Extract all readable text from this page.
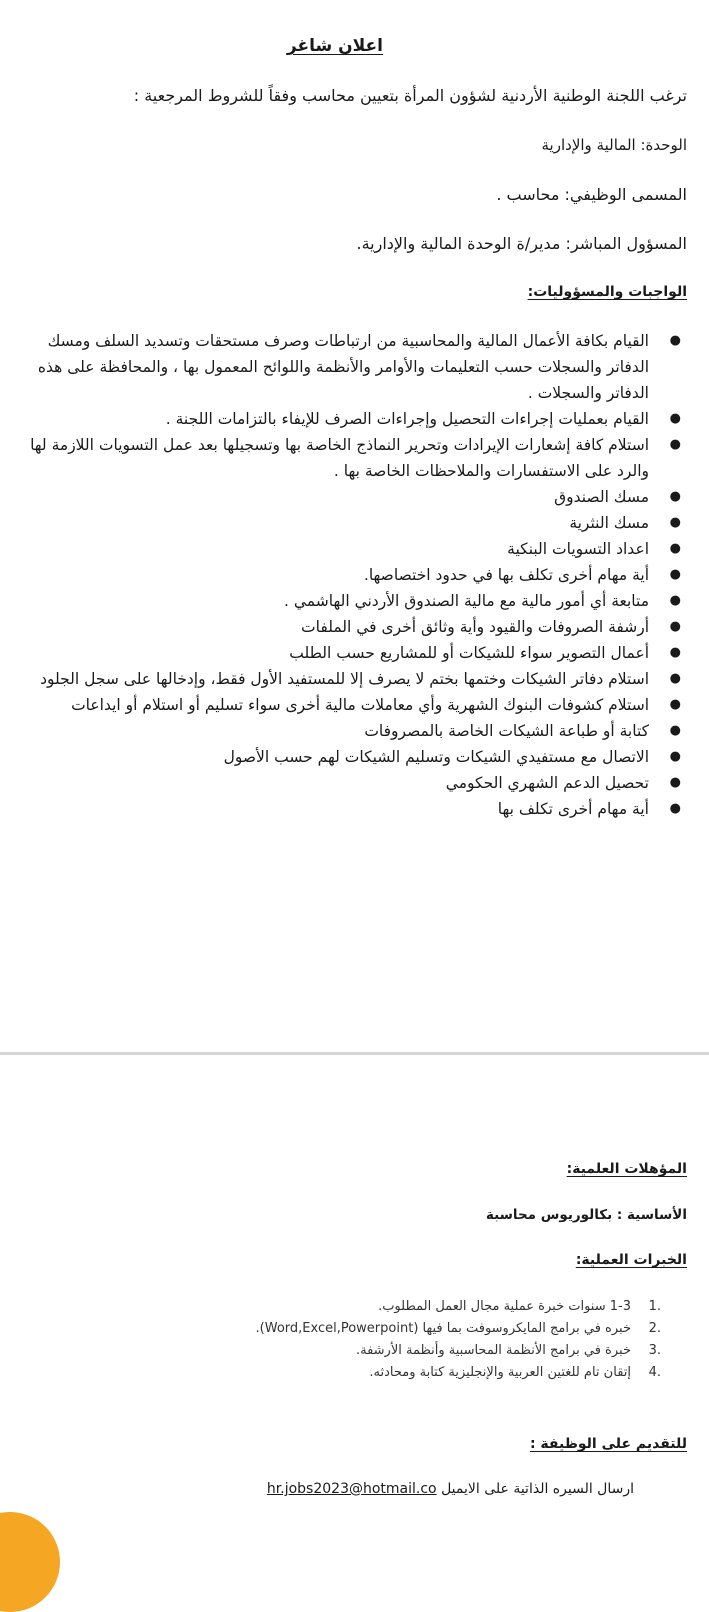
اعلان شاغر
ترغب اللجنة الوطنية الأردنية لشؤون المرأة بتعيين محاسب وفقاً للشروط المرجعية :
الوحدة: المالية والإدارية
المسمى الوظيفي: محاسب .
المسؤول المباشر: مدير/ة الوحدة المالية والإدارية.
الواجبات والمسؤوليات:
●
القيام بكافة الأعمال المالية والمحاسبية من ارتباطات وصرف مستحقات وتسديد السلف ومسك الدفاتر والسجلات حسب التعليمات والأوامر والأنظمة واللوائح المعمول بها ، والمحافظة على هذه الدفاتر والسجلات .
●
القيام بعمليات إجراءات التحصيل وإجراءات الصرف للإيفاء بالتزامات اللجنة .
●
استلام كافة إشعارات الإيرادات وتحرير النماذج الخاصة بها وتسجيلها بعد عمل التسويات اللازمة لها والرد على الاستفسارات والملاحظات الخاصة بها .
●
مسك الصندوق
●
مسك النثرية
●
اعداد التسويات البنكية
●
أية مهام أخرى تكلف بها في حدود اختصاصها.
●
متابعة أي أمور مالية مع مالية الصندوق الأردني الهاشمي .
●
أرشفة الصروفات والقيود وأية وثائق أخرى في الملفات
●
أعمال التصوير سواء للشيكات أو للمشاريع حسب الطلب
●
استلام دفاتر الشيكات وختمها بختم لا يصرف إلا للمستفيد الأول فقط، وإدخالها على سجل الجلود
●
استلام كشوفات البنوك الشهرية وأي معاملات مالية أخرى سواء تسليم أو استلام أو ايداعات
●
كتابة أو طباعة الشيكات الخاصة بالمصروفات
●
الاتصال مع مستفيدي الشيكات وتسليم الشيكات لهم حسب الأصول
●
تحصيل الدعم الشهري الحكومي
●
أية مهام أخرى تكلف بها
المؤهلات العلمية:
الأساسية : بكالوريوس محاسبة
الخبرات العملية:
1.
1-3 سنوات خبرة عملية مجال العمل المطلوب.
2.
خبره في برامج المايكروسوفت بما فيها (Word,Excel,Powerpoint).
3.
خبرة في برامج الأنظمة المحاسبية وأنظمة الأرشفة.
4.
إتقان تام للغتين العربية والإنجليزية كتابة ومحادثه.
للتقديم على الوظيفة :
ارسال السيره الذاتية على الايميل hr.jobs2023@hotmail.co
